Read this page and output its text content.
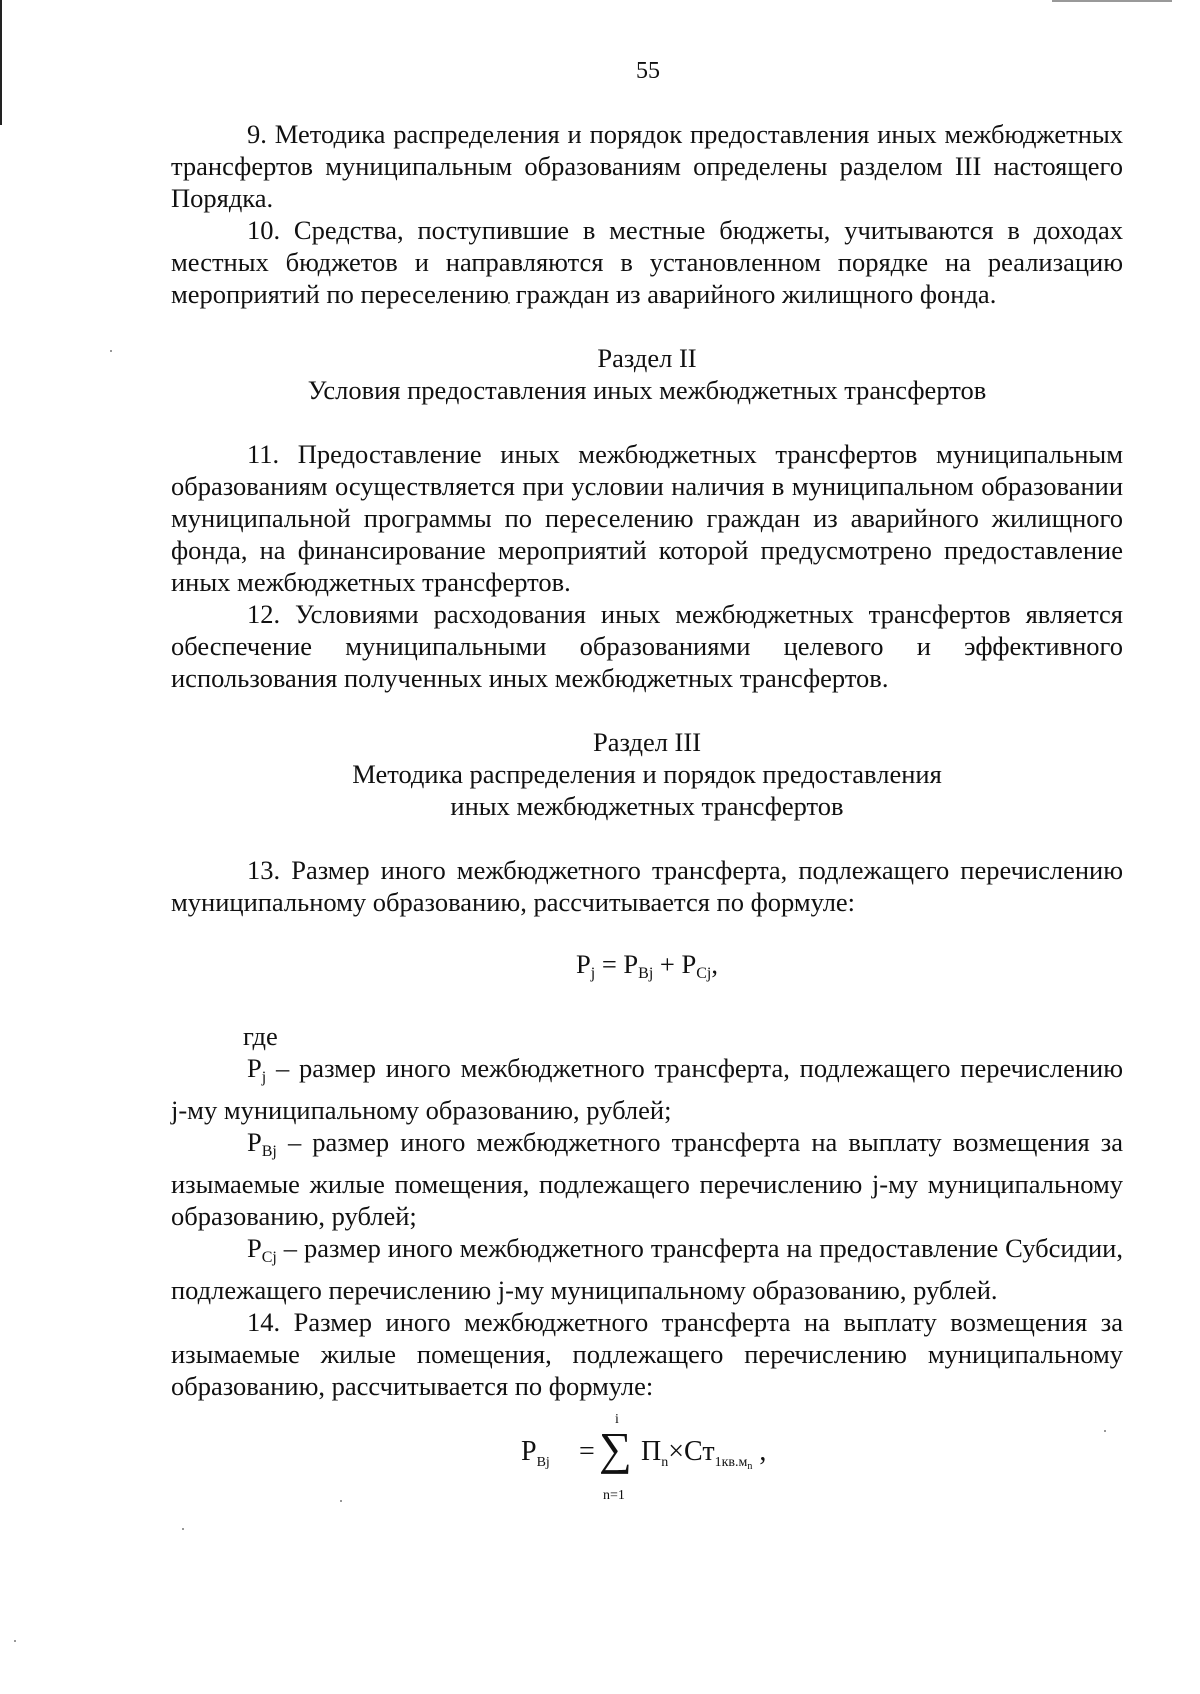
55

9. Методика распределения и порядок предоставления иных межбюджетных трансфертов муниципальным образованиям определены разделом III настоящего Порядка.

10. Средства, поступившие в местные бюджеты, учитываются в доходах местных бюджетов и направляются в установленном порядке на реализацию мероприятий по переселению граждан из аварийного жилищного фонда.

Раздел II

Условия предоставления иных межбюджетных трансфертов

11. Предоставление иных межбюджетных трансфертов муниципальным образованиям осуществляется при условии наличия в муниципальном образовании муниципальной программы по переселению граждан из аварийного жилищного фонда, на финансирование мероприятий которой предусмотрено предоставление иных межбюджетных трансфертов.

12. Условиями расходования иных межбюджетных трансфертов является обеспечение муниципальными образованиями целевого и эффективного использования полученных иных межбюджетных трансфертов.

Раздел III

Методика распределения и порядок предоставления

иных межбюджетных трансфертов

13. Размер иного межбюджетного трансферта, подлежащего перечислению муниципальному образованию, рассчитывается по формуле:

$P_j = P_{Bj} + P_{Cj}$,

где

$P_j$ – размер иного межбюджетного трансферта, подлежащего перечислению j-му муниципальному образованию, рублей;

$P_{Bj}$ – размер иного межбюджетного трансферта на выплату возмещения за изымаемые жилые помещения, подлежащего перечислению j-му муниципальному образованию, рублей;

$P_{Cj}$ – размер иного межбюджетного трансферта на предоставление Субсидии, подлежащего перечислению j-му муниципальному образованию, рублей.

14. Размер иного межбюджетного трансферта на выплату возмещения за изымаемые жилые помещения, подлежащего перечислению муниципальному образованию, рассчитывается по формуле:

$P_{Bj}$ =
i
∑
n=1
$П_n\times Ст_{1кв.м_n}$ ,
